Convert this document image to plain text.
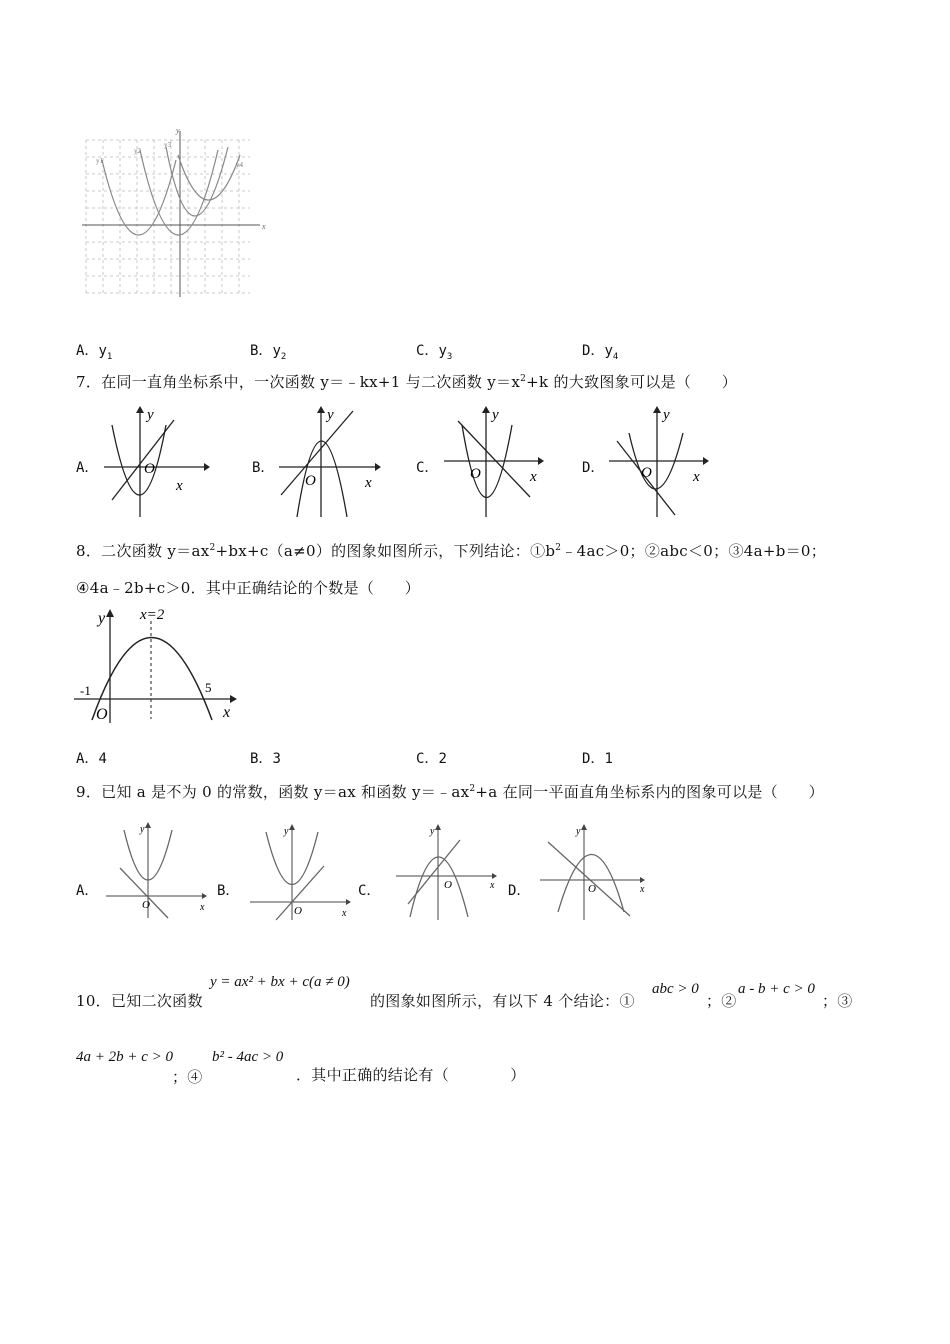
y
x
y1
y2
y3
y4
A．$y_1$	B．$y_2$	C．$y_3$	D．$y_4$
7．在同一直角坐标系中，一次函数 y＝﹣kx+1 与二次函数 $y=x^2+k$ 的大致图象可以是（　　）
A．
y
x
O	B．
y
x
O
C．
y
x
O	D．
y
x
O
8．二次函数 $y=ax^2+bx+c(a\ne 0)$的图象如图所示，下列结论：$①b^2﹣4ac>0$；②abc＜0；③4a+b＝0；
④4a﹣2b+c＞0．其中正确结论的个数是（　　）
y x=2
-1	5
O	x
A．4	B．3	C．2	D．1
9．已知 a 是不为 0 的常数，函数 y＝ax 和函数 $y=﹣ax^2+a$ 在同一平面直角坐标系内的图象可以是（　　）
A．
y
x
O
B．
y
x
O
C．
y
x
O	D．
y
x
O
10．已知二次函数
y = ax² + bx + c(a ≠ 0)
的图象如图所示，有以下 4 个结论：①
abc > 0
；②
a - b + c > 0
；③
4a + 2b + c > 0
；④
b² - 4ac > 0
．其中正确的结论有（　　　　）
